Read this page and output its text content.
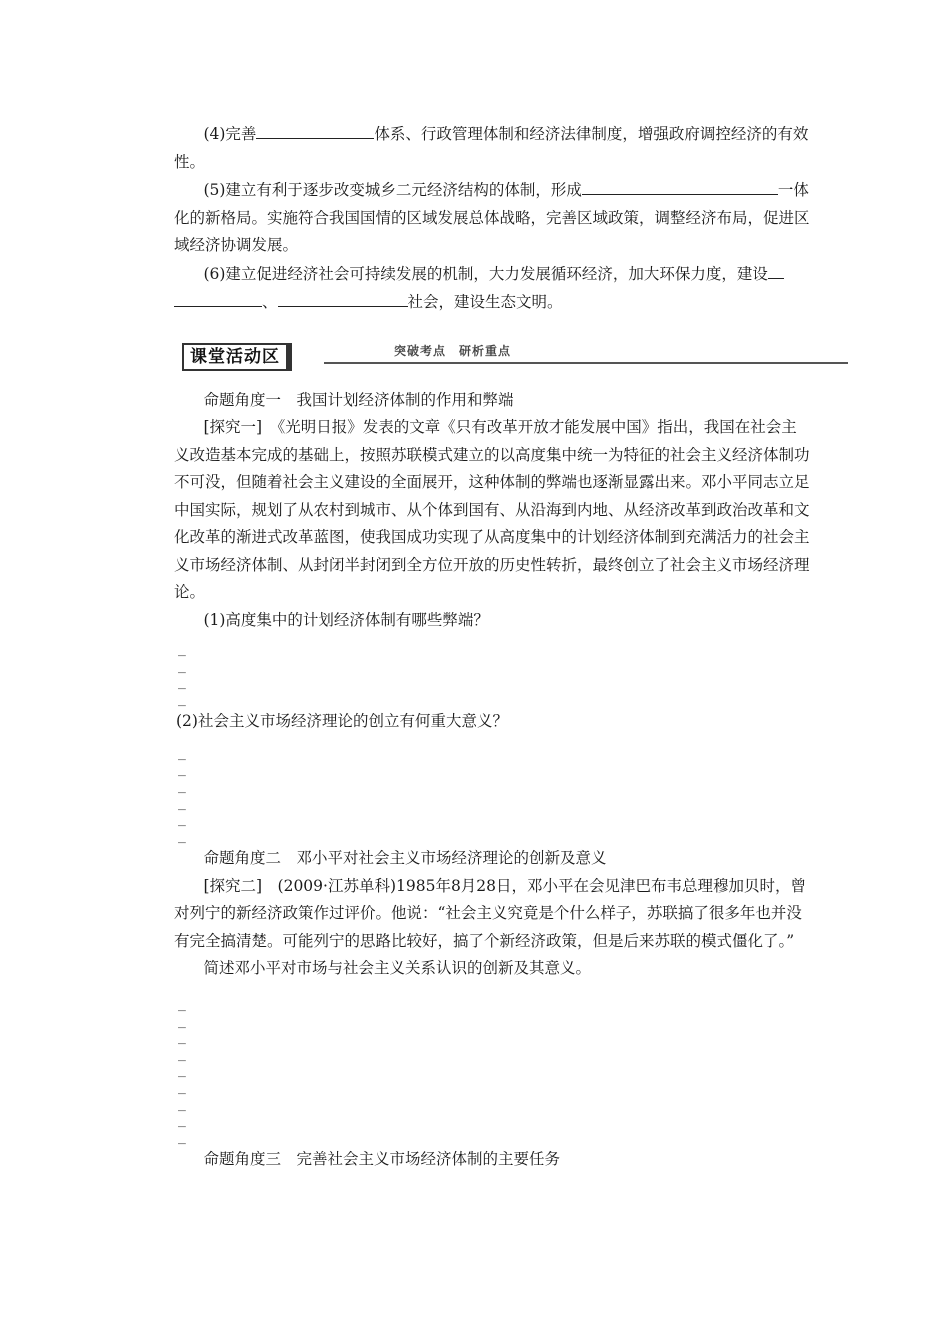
(4)完善	体系、行政管理体制和经济法律制度，增强政府调控经济的有效性。

(5)建立有利于逐步改变城乡二元经济结构的体制，形成	一体化的新格局。实施符合我国国情的区域发展总体战略，完善区域政策，调整经济布局，促进区域经济协调发展。

(6)建立促进经济社会可持续发展的机制，大力发展循环经济，加大环保力度，建设、	社会，建设生态文明。

课堂活动区	突破考点　研析重点

命题角度一　我国计划经济体制的作用和弊端

[探究一]　《光明日报》发表的文章《只有改革开放才能发展中国》指出，我国在社会主义改造基本完成的基础上，按照苏联模式建立的以高度集中统一为特征的社会主义经济体制功不可没，但随着社会主义建设的全面展开，这种体制的弊端也逐渐显露出来。邓小平同志立足中国实际，规划了从农村到城市、从个体到国有、从沿海到内地、从经济改革到政治改革和文化改革的渐进式改革蓝图，使我国成功实现了从高度集中的计划经济体制到充满活力的社会主义市场经济体制、从封闭半封闭到全方位开放的历史性转折，最终创立了社会主义市场经济理论。

(1)高度集中的计划经济体制有哪些弊端？

_
_
_
_

(2)社会主义市场经济理论的创立有何重大意义？

_
_
_
_
_
_

命题角度二　邓小平对社会主义市场经济理论的创新及意义

[探究二]　(2009·江苏单科)1985年8月28日，邓小平在会见津巴布韦总理穆加贝时，曾对列宁的新经济政策作过评价。他说：“社会主义究竟是个什么样子，苏联搞了很多年也并没有完全搞清楚。可能列宁的思路比较好，搞了个新经济政策，但是后来苏联的模式僵化了。”

简述邓小平对市场与社会主义关系认识的创新及其意义。

_
_
_
_
_
_
_
_
_

命题角度三　完善社会主义市场经济体制的主要任务
